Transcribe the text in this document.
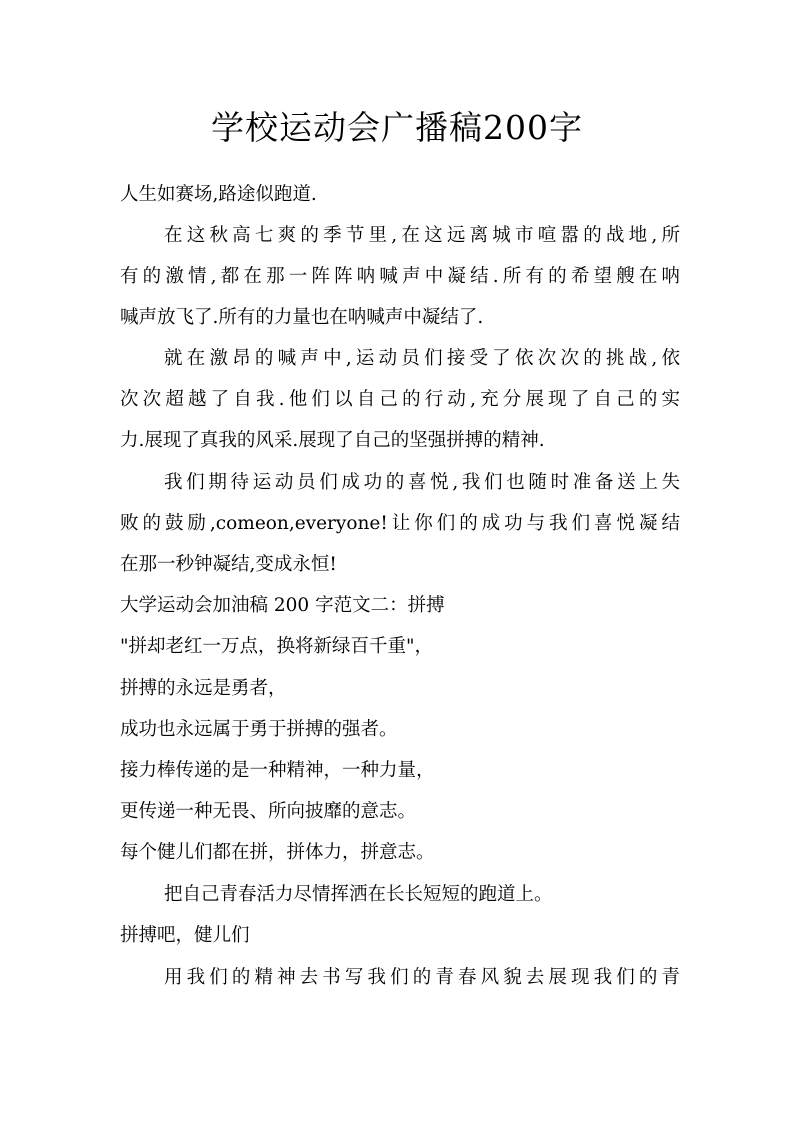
学校运动会广播稿200字

人生如赛场,路途似跑道.

在这秋高七爽的季节里,在这远离城市喧嚣的战地,所

有的激情,都在那一阵阵呐喊声中凝结.所有的希望艘在呐

喊声放飞了.所有的力量也在呐喊声中凝结了.

就在激昂的喊声中,运动员们接受了依次次的挑战,依

次次超越了自我.他们以自己的行动,充分展现了自己的实

力.展现了真我的风采.展现了自己的坚强拼搏的精神.

我们期待运动员们成功的喜悦,我们也随时准备送上失

败的鼓励,comeon,everyone!让你们的成功与我们喜悦凝结

在那一秒钟凝结,变成永恒!

大学运动会加油稿 200 字范文二：拼搏

"拼却老红一万点，换将新绿百千重"，

拼搏的永远是勇者，

成功也永远属于勇于拼搏的强者。

接力棒传递的是一种精神，一种力量，

更传递一种无畏、所向披靡的意志。

每个健儿们都在拼，拼体力，拼意志。

把自己青春活力尽情挥洒在长长短短的跑道上。

拼搏吧，健儿们

用我们的精神去书写我们的青春风貌去展现我们的青
